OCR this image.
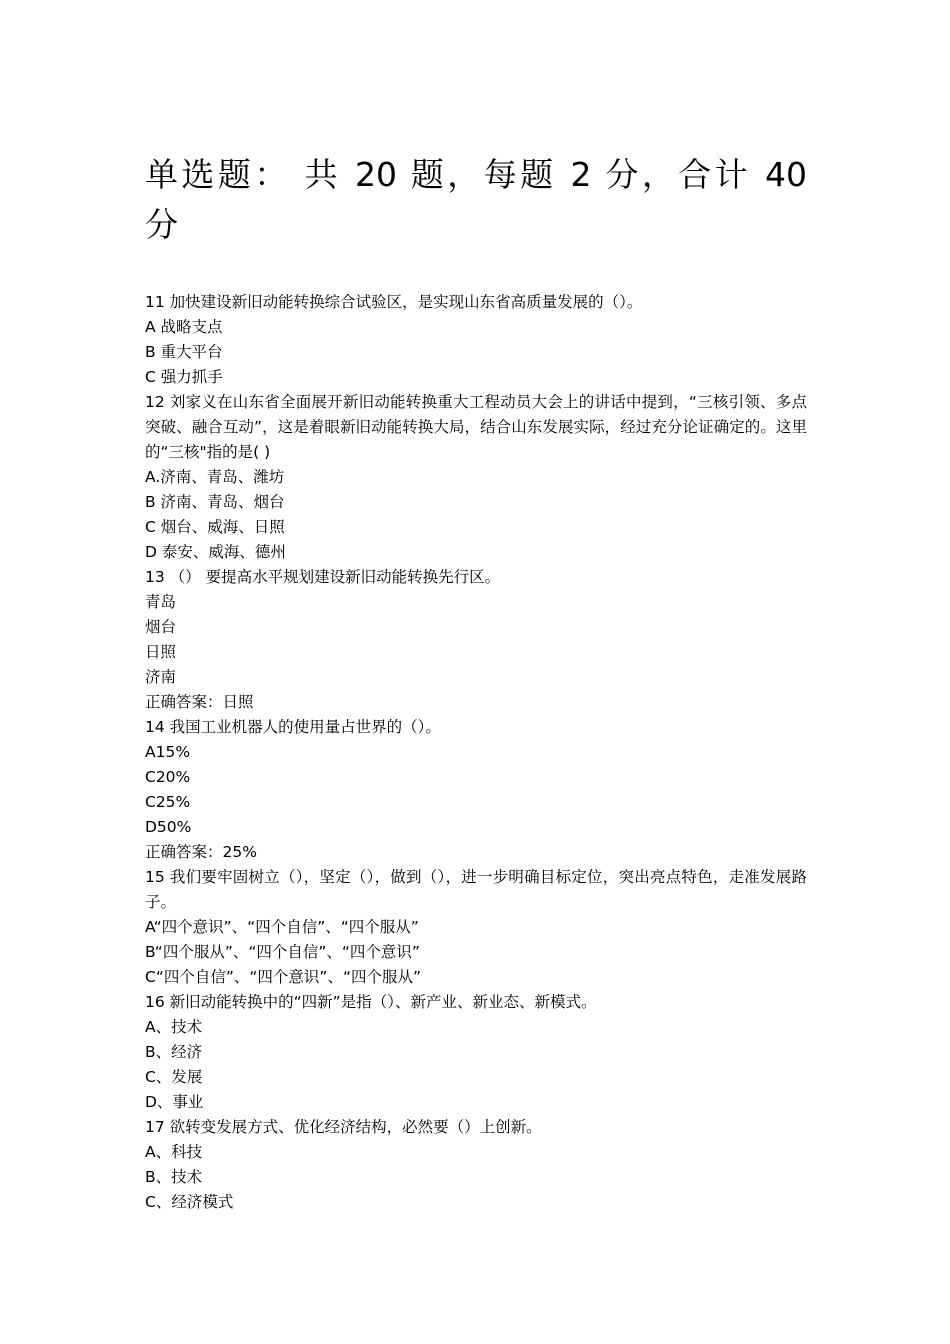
单选题： 共 20 题，每题 2 分，合计 40
分
11 加快建设新旧动能转换综合试验区，是实现山东省高质量发展的（）。
A 战略支点
B 重大平台
C 强力抓手
12 刘家义在山东省全面展开新旧动能转换重大工程动员大会上的讲话中提到，“三核引领、多点突破、融合互动”，这是着眼新旧动能转换大局，结合山东发展实际，经过充分论证确定的。这里的“三核"指的是( )
A.济南、青岛、潍坊
B 济南、青岛、烟台
C 烟台、威海、日照
D 泰安、威海、德州
13 （） 要提高水平规划建设新旧动能转换先行区。
青岛
烟台
日照
济南
正确答案：日照
14 我国工业机器人的使用量占世界的（）。
A15%
C20%
C25%
D50%
正确答案：25%
15 我们要牢固树立（），坚定（），做到（），进一步明确目标定位，突出亮点特色，走准发展路子。
A“四个意识”、“四个自信”、“四个服从”
B“四个服从”、“四个自信”、“四个意识”
C“四个自信”、“四个意识”、“四个服从”
16 新旧动能转换中的“四新”是指（）、新产业、新业态、新模式。
A、技术
B、经济
C、发展
D、事业
17 欲转变发展方式、优化经济结构，必然要（）上创新。
A、科技
B、技术
C、经济模式
